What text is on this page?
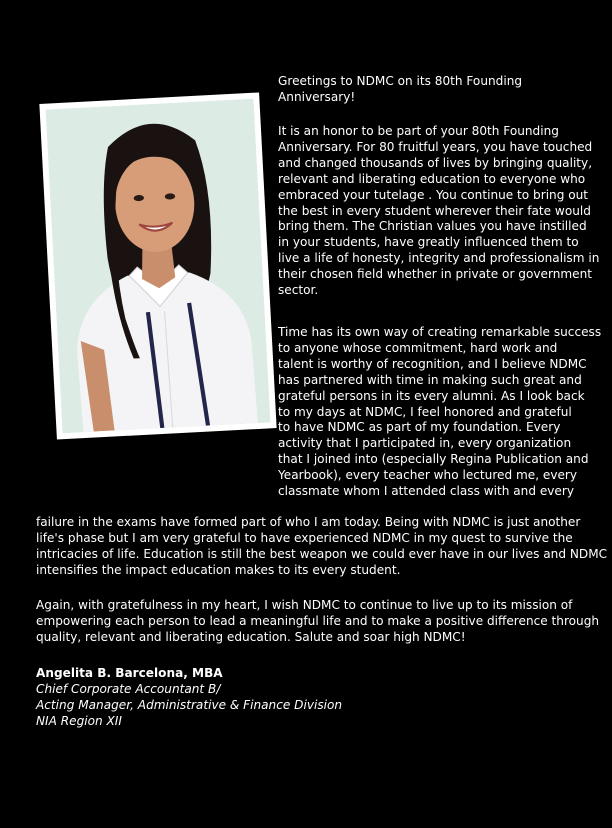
Greetings to NDMC on its 80th Founding
Anniversary!
It is an honor to be part of your 80th Founding
Anniversary. For 80 fruitful years, you have touched
and changed thousands of lives by bringing quality,
relevant and liberating education to everyone who
embraced your tutelage . You continue to bring out
the best in every student wherever their fate would
bring them. The Christian values you have instilled
in your students, have greatly influenced them to
live a life of honesty, integrity and professionalism in
their chosen field whether in private or government
sector.
Time has its own way of creating remarkable success
to anyone whose commitment, hard work and
talent is worthy of recognition, and I believe NDMC
has partnered with time in making such great and
grateful persons in its every alumni. As I look back
to my days at NDMC, I feel honored and grateful
to have NDMC as part of my foundation. Every
activity that I participated in, every organization
that I joined into (especially Regina Publication and
Yearbook), every teacher who lectured me, every
classmate whom I attended class with and every
failure in the exams have formed part of who I am today. Being with NDMC is just another
life's phase but I am very grateful to have experienced NDMC in my quest to survive the
intricacies of life. Education is still the best weapon we could ever have in our lives and NDMC
intensifies the impact education makes to its every student.
Again, with gratefulness in my heart, I wish NDMC to continue to live up to its mission of
empowering each person to lead a meaningful life and to make a positive difference through
quality, relevant and liberating education. Salute and soar high NDMC!
Angelita B. Barcelona, MBA
Chief Corporate Accountant B/
Acting Manager, Administrative & Finance Division
NIA Region XII
